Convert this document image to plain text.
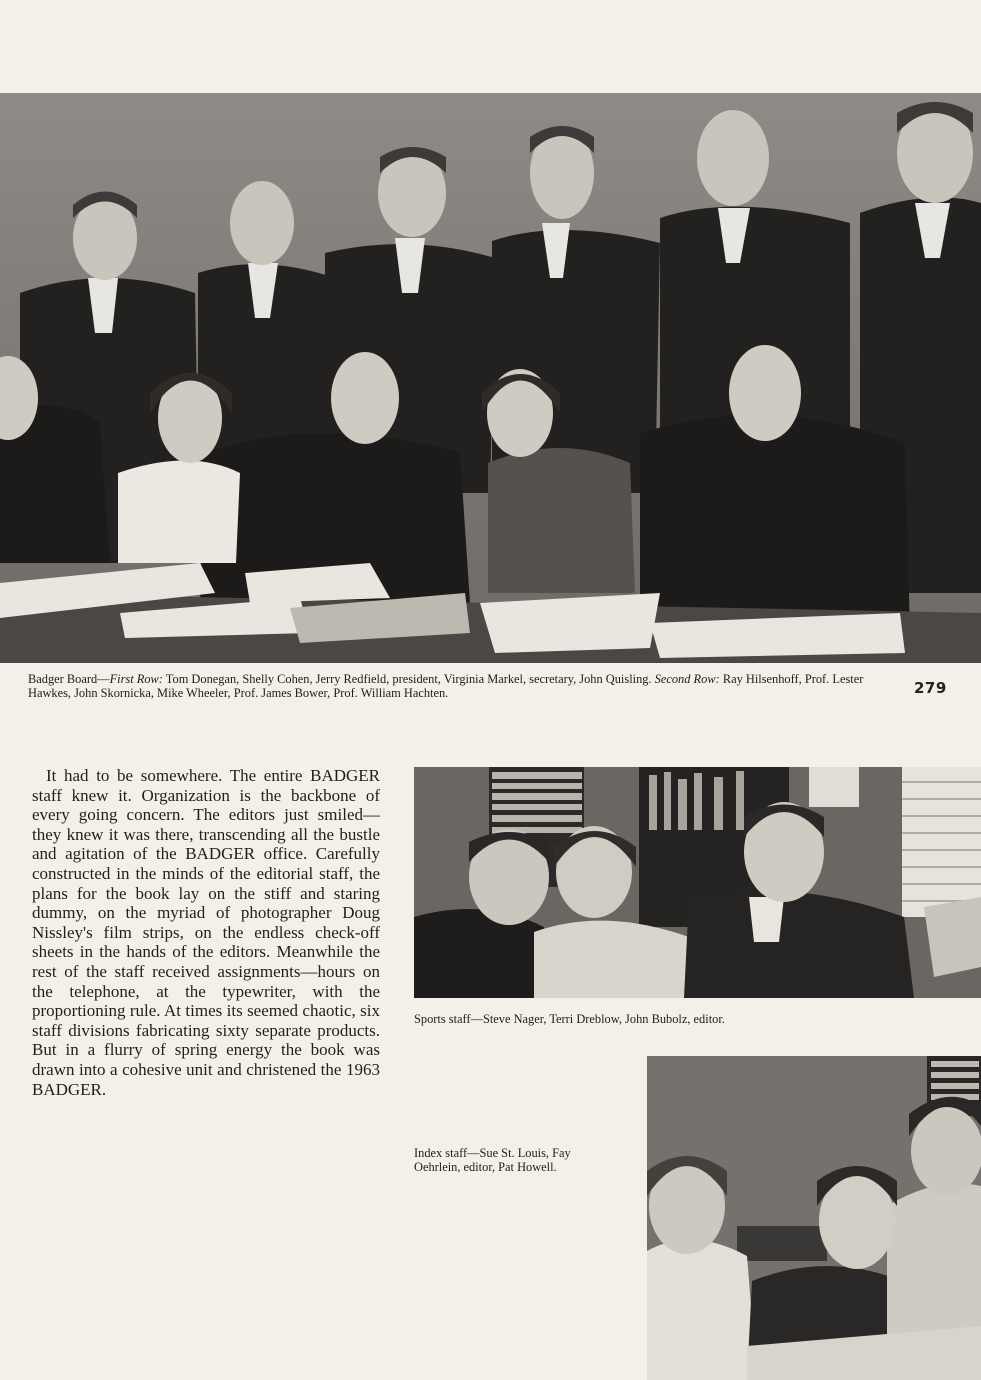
Badger Board—First Row: Tom Donegan, Shelly Cohen, Jerry Redfield, president, Virginia Markel, secretary, John Quisling. Second Row: Ray Hilsenhoff, Prof. Lester Hawkes, John Skornicka, Mike Wheeler, Prof. James Bower, Prof. William Hachten.	279

It had to be somewhere. The entire BADGER staff knew it. Organization is the backbone of every going concern. The editors just smiled—they knew it was there, transcending all the bustle and agitation of the BADGER office. Carefully constructed in the minds of the editorial staff, the plans for the book lay on the stiff and staring dummy, on the myriad of photographer Doug Nissley's film strips, on the endless check-off sheets in the hands of the editors. Meanwhile the rest of the staff received assignments—hours on the telephone, at the typewriter, with the proportioning rule. At times its seemed chaotic, six staff divisions fabricating sixty separate products. But in a flurry of spring energy the book was drawn into a cohesive unit and christened the 1963 BADGER.

Sports staff—Steve Nager, Terri Dreblow, John Bubolz, editor.
Index staff—Sue St. Louis, Fay Oehrlein, editor, Pat Howell.
